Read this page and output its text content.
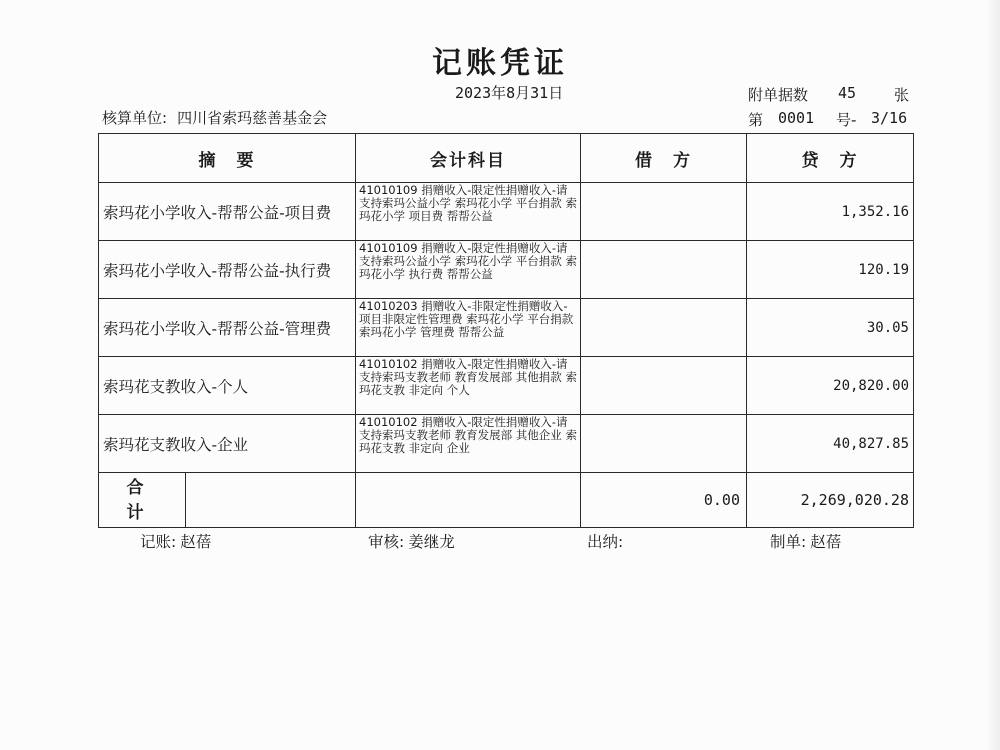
记账凭证
2023年8月31日	附单据数 45	张
核算单位: 四川省索玛慈善基金会	第 0001 号- 3/16
摘　要	会计科目	借　方	贷　方
索玛花小学收入-帮帮公益-项目费	41010109 捐赠收入-限定性捐赠收入-请支持索玛公益小学 索玛花小学 平台捐款 索玛花小学 项目费 帮帮公益		1,352.16
索玛花小学收入-帮帮公益-执行费	41010109 捐赠收入-限定性捐赠收入-请支持索玛公益小学 索玛花小学 平台捐款 索玛花小学 执行费 帮帮公益		120.19
索玛花小学收入-帮帮公益-管理费	41010203 捐赠收入-非限定性捐赠收入-项目非限定性管理费 索玛花小学 平台捐款 索玛花小学 管理费 帮帮公益		30.05
索玛花支教收入-个人	41010102 捐赠收入-限定性捐赠收入-请支持索玛支教老师 教育发展部 其他捐款 索玛花支教 非定向 个人		20,820.00
索玛花支教收入-企业	41010102 捐赠收入-限定性捐赠收入-请支持索玛支教老师 教育发展部 其他企业 索玛花支教 非定向 企业		40,827.85

合　计		0.00	2,269,020.28
记账: 赵蓓	审核: 姜继龙	出纳:	制单: 赵蓓
